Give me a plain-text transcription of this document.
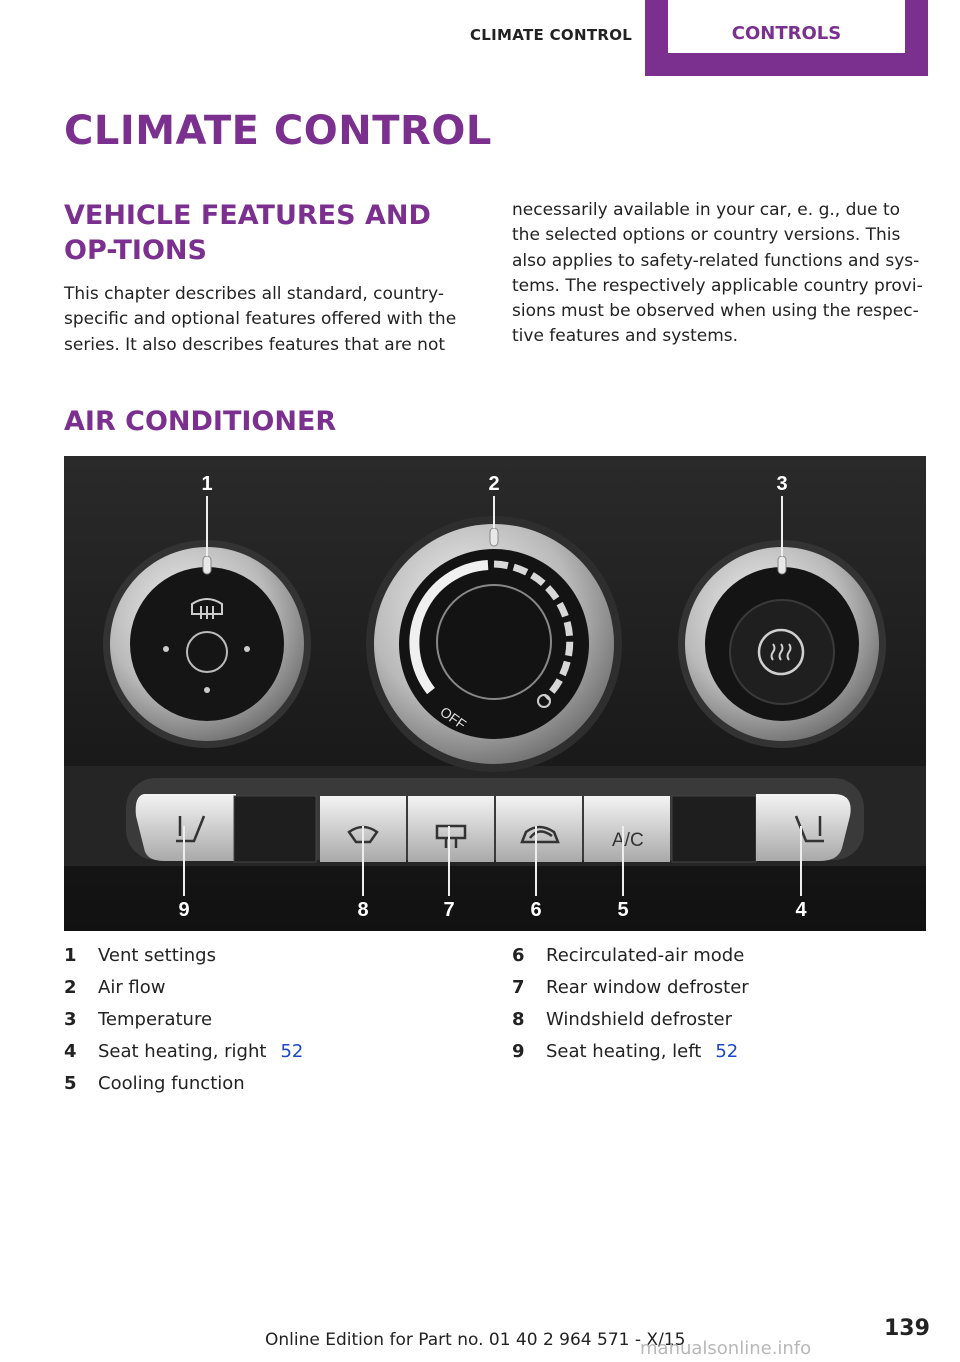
CLIMATE CONTROL	CONTROLS
CLIMATE CONTROL
VEHICLE FEATURES AND OP-TIONS

This chapter describes all standard, country-specific and optional features offered with the series. It also describes features that are not

necessarily available in your car, e. g., due to the selected options or country versions. This also applies to safety-related functions and sys-tems. The respectively applicable country provi-sions must be observed when using the respec-tive features and systems.

AIR CONDITIONER
OFF
A/C
1	2	3
4
5
6
7
8
9
1 Vent settings
2 Air flow
3 Temperature
4 Seat heating, right 52
5 Cooling function
6 Recirculated-air mode
7 Rear window defroster
8 Windshield defroster
9 Seat heating, left 52
Online Edition for Part no. 01 40 2 964 571 - X/15	139
manualsonline.info
